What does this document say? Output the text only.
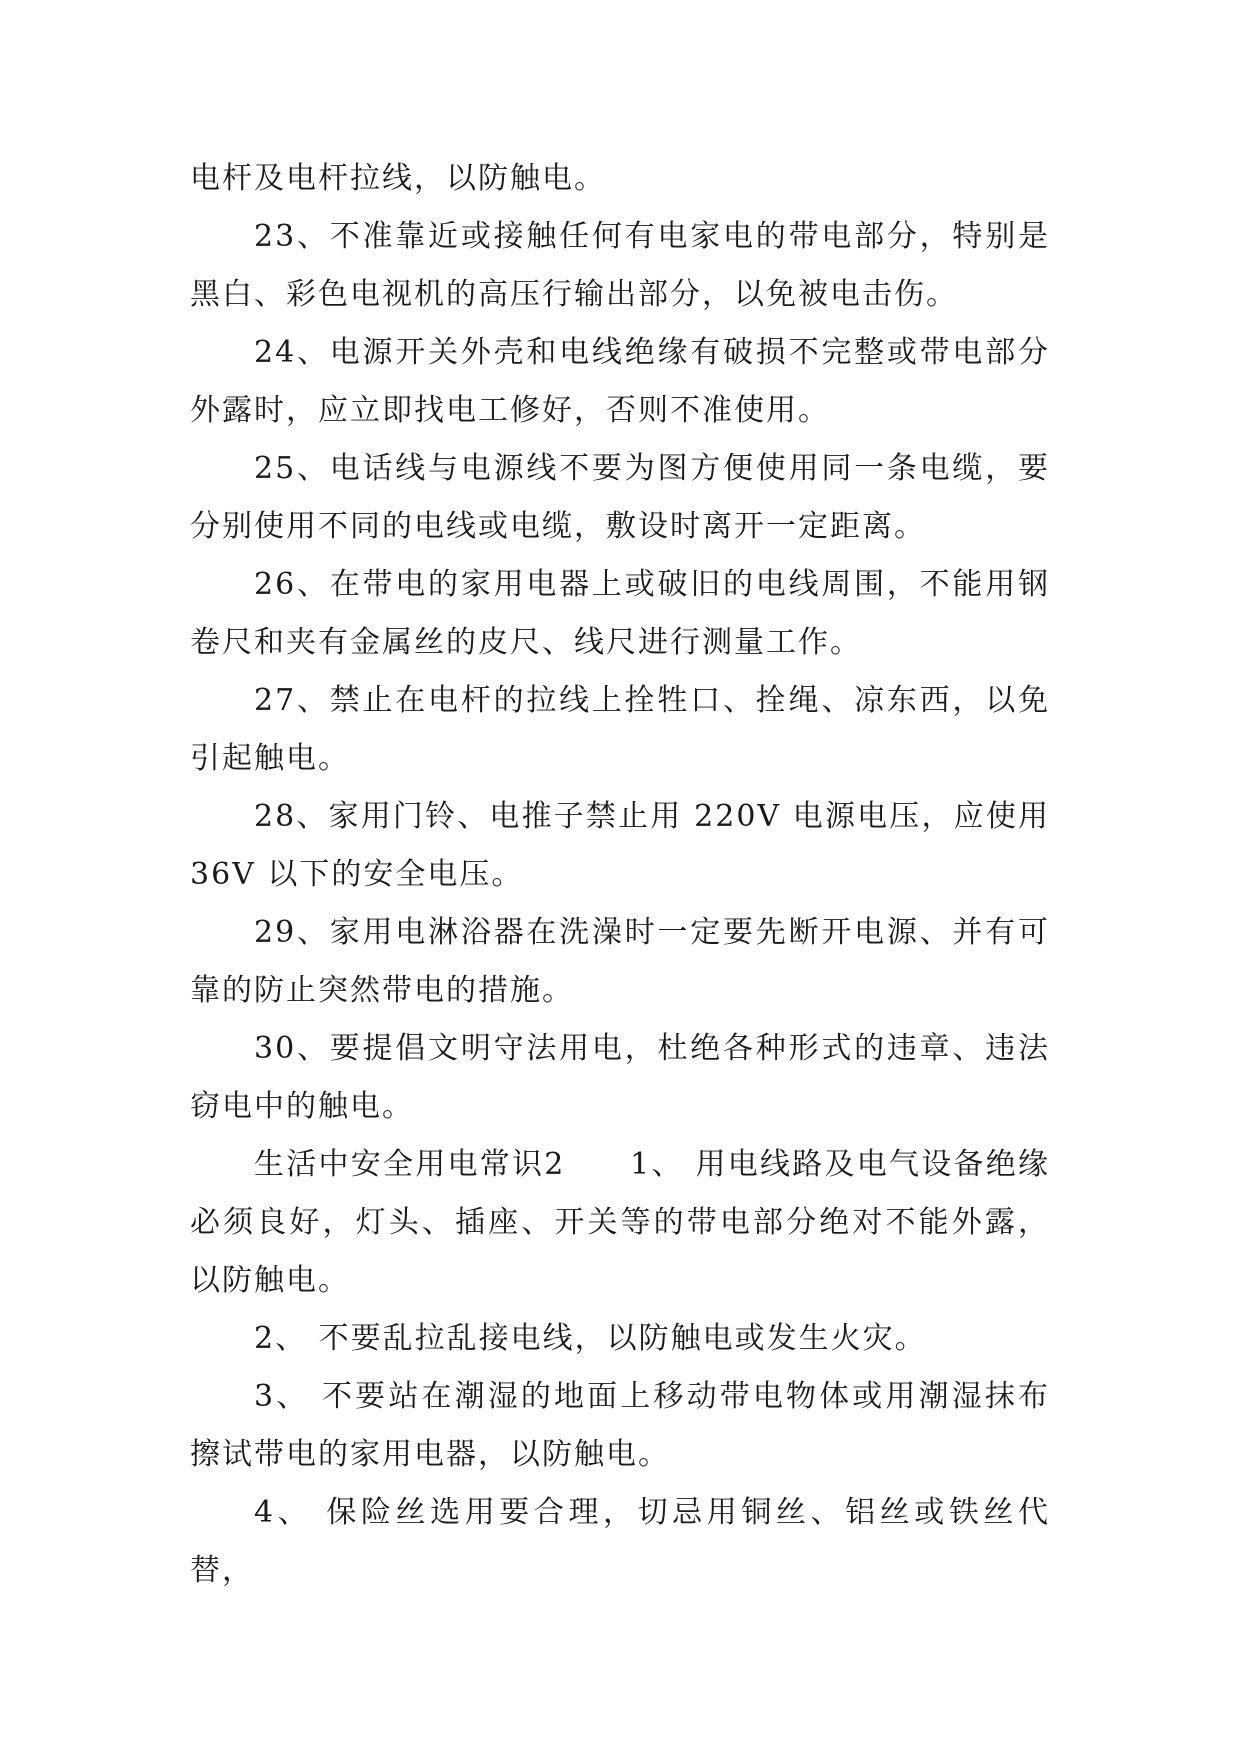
电杆及电杆拉线，以防触电。

23、不准靠近或接触任何有电家电的带电部分，特别是黑白、彩色电视机的高压行输出部分，以免被电击伤。

24、电源开关外壳和电线绝缘有破损不完整或带电部分外露时，应立即找电工修好，否则不准使用。

25、电话线与电源线不要为图方便使用同一条电缆，要分别使用不同的电线或电缆，敷设时离开一定距离。

26、在带电的家用电器上或破旧的电线周围，不能用钢卷尺和夹有金属丝的皮尺、线尺进行测量工作。

27、禁止在电杆的拉线上拴牲口、拴绳、凉东西，以免引起触电。

28、家用门铃、电推子禁止用 220V 电源电压，应使用 36V 以下的安全电压。

29、家用电淋浴器在洗澡时一定要先断开电源、并有可靠的防止突然带电的措施。

30、要提倡文明守法用电，杜绝各种形式的违章、违法窃电中的触电。

生活中安全用电常识2　　1、 用电线路及电气设备绝缘必须良好，灯头、插座、开关等的带电部分绝对不能外露，以防触电。

2、 不要乱拉乱接电线，以防触电或发生火灾。

3、 不要站在潮湿的地面上移动带电物体或用潮湿抹布擦试带电的家用电器，以防触电。

4、 保险丝选用要合理，切忌用铜丝、铝丝或铁丝代替，
